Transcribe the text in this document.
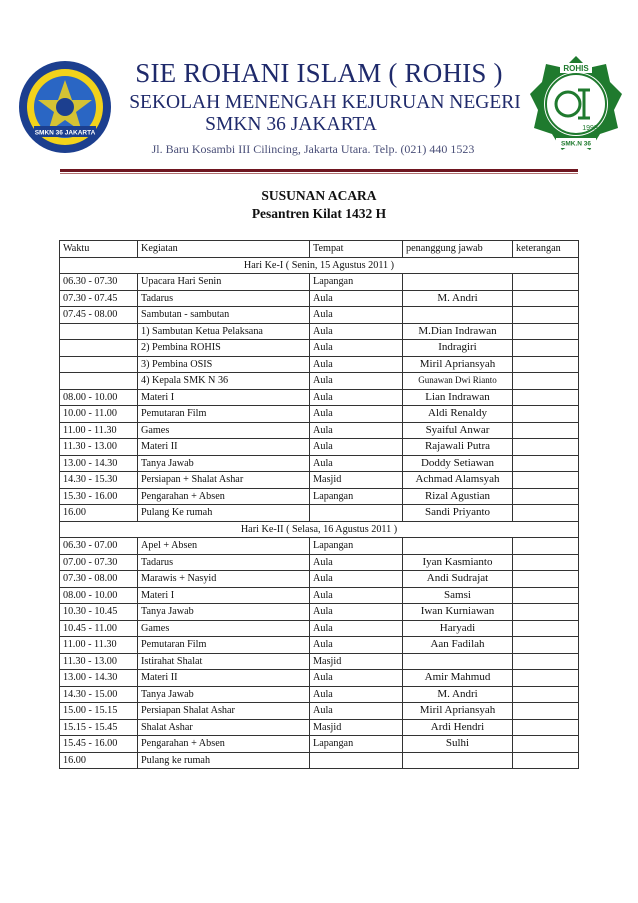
SMKN 36 JAKARTA
ROHIS
1999
SMK.N 36
SIE ROHANI ISLAM ( ROHIS )
SEKOLAH MENENGAH KEJURUAN NEGERI
SMKN 36 JAKARTA
Jl. Baru Kosambi III Cilincing, Jakarta Utara. Telp. (021) 440 1523
SUSUNAN ACARA
Pesantren Kilat 1432 H
Waktu	Kegiatan	Tempat	penanggung jawab	keterangan
Hari Ke-I ( Senin, 15 Agustus 2011 )				
06.30 - 07.30	Upacara Hari Senin	Lapangan		
07.30 - 07.45	Tadarus	Aula	M. Andri	
07.45 - 08.00	Sambutan - sambutan	Aula		
	1) Sambutan Ketua Pelaksana	Aula	M.Dian Indrawan	
	2) Pembina ROHIS	Aula	Indragiri	
	3) Pembina OSIS	Aula	Miril Apriansyah	
	4) Kepala SMK N 36	Aula	Gunawan Dwi Rianto	
08.00 - 10.00	Materi I	Aula	Lian Indrawan	
10.00 - 11.00	Pemutaran Film	Aula	Aldi Renaldy	
11.00 - 11.30	Games	Aula	Syaiful Anwar	
11.30 - 13.00	Materi II	Aula	Rajawali Putra	
13.00 - 14.30	Tanya Jawab	Aula	Doddy Setiawan	
14.30 - 15.30	Persiapan + Shalat Ashar	Masjid	Achmad Alamsyah	
15.30 - 16.00	Pengarahan + Absen	Lapangan	Rizal Agustian	
16.00	Pulang Ke rumah		Sandi Priyanto	
Hari Ke-II ( Selasa, 16 Agustus 2011 )				
06.30 - 07.00	Apel + Absen	Lapangan		
07.00 - 07.30	Tadarus	Aula	Iyan Kasmianto	
07.30 - 08.00	Marawis + Nasyid	Aula	Andi Sudrajat	
08.00 - 10.00	Materi I	Aula	Samsi	
10.30 - 10.45	Tanya Jawab	Aula	Iwan Kurniawan	
10.45 - 11.00	Games	Aula	Haryadi	
11.00 - 11.30	Pemutaran Film	Aula	Aan Fadilah	
11.30 - 13.00	Istirahat Shalat	Masjid		
13.00 - 14.30	Materi II	Aula	Amir Mahmud	
14.30 - 15.00	Tanya Jawab	Aula	M. Andri	
15.00 - 15.15	Persiapan Shalat Ashar	Aula	Miril Apriansyah	
15.15 - 15.45	Shalat Ashar	Masjid	Ardi Hendri	
15.45 - 16.00	Pengarahan + Absen	Lapangan	Sulhi	
16.00	Pulang ke rumah			
